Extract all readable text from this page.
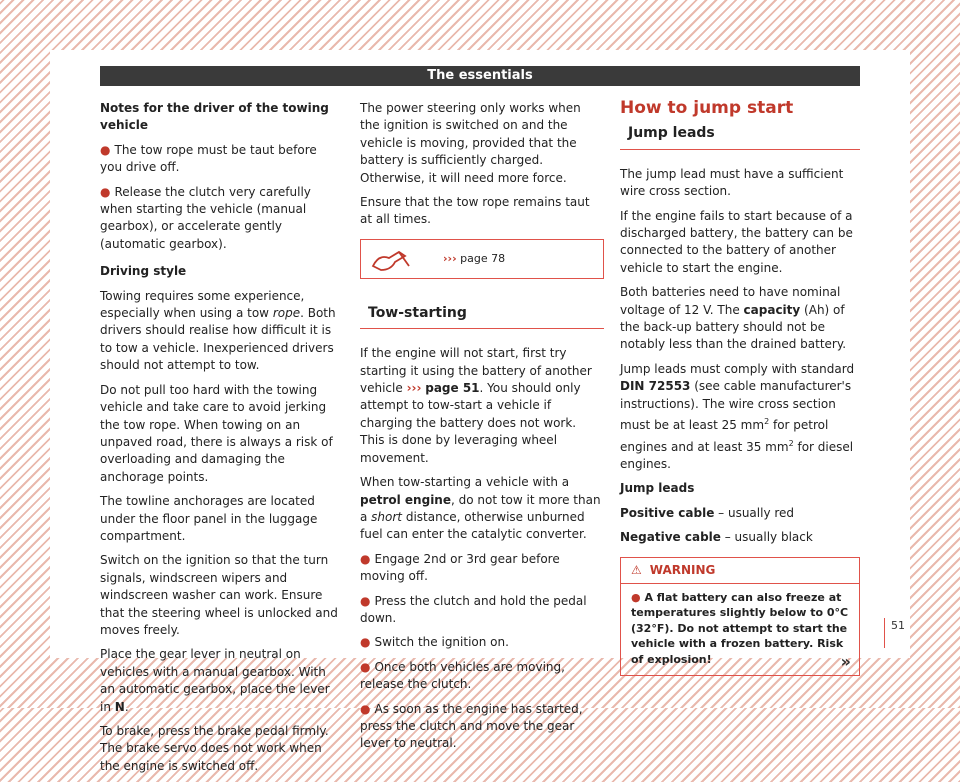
The essentials

Notes for the driver of the towing vehicle

● The tow rope must be taut before you drive off.

● Release the clutch very carefully when starting the vehicle (manual gearbox), or accelerate gently (automatic gearbox).

Driving style

Towing requires some experience, especially when using a tow rope. Both drivers should realise how difficult it is to tow a vehicle. Inexperienced drivers should not attempt to tow.

Do not pull too hard with the towing vehicle and take care to avoid jerking the tow rope. When towing on an unpaved road, there is always a risk of overloading and damaging the anchorage points.

The towline anchorages are located under the floor panel in the luggage compartment.

Switch on the ignition so that the turn signals, windscreen wipers and windscreen washer can work. Ensure that the steering wheel is unlocked and moves freely.

Place the gear lever in neutral on vehicles with a manual gearbox. With an automatic gearbox, place the lever in N.

To brake, press the brake pedal firmly. The brake servo does not work when the engine is switched off.

The power steering only works when the ignition is switched on and the vehicle is moving, provided that the battery is sufficiently charged. Otherwise, it will need more force.

Ensure that the tow rope remains taut at all times.

››› page 78
Tow-starting

If the engine will not start, first try starting it using the battery of another vehicle ››› page 51. You should only attempt to tow-start a vehicle if charging the battery does not work. This is done by leveraging wheel movement.

When tow-starting a vehicle with a petrol engine, do not tow it more than a short distance, otherwise unburned fuel can enter the catalytic converter.

● Engage 2nd or 3rd gear before moving off.

● Press the clutch and hold the pedal down.

● Switch the ignition on.

● Once both vehicles are moving, release the clutch.

● As soon as the engine has started, press the clutch and move the gear lever to neutral.

How to jump start
Jump leads

The jump lead must have a sufficient wire cross section.

If the engine fails to start because of a discharged battery, the battery can be connected to the battery of another vehicle to start the engine.

Both batteries need to have nominal voltage of 12 V. The capacity (Ah) of the back-up battery should not be notably less than the drained battery.

Jump leads must comply with standard DIN 72553 (see cable manufacturer's instructions). The wire cross section must be at least 25 $mm^2$ for petrol engines and at least 35 $mm^2$ for diesel engines.

Jump leads

Positive cable – usually red

Negative cable – usually black

⚠ WARNING
● A flat battery can also freeze at temperatures slightly below to 0°C (32°F). Do not attempt to start the vehicle with a frozen battery. Risk of explosion!	»
51
